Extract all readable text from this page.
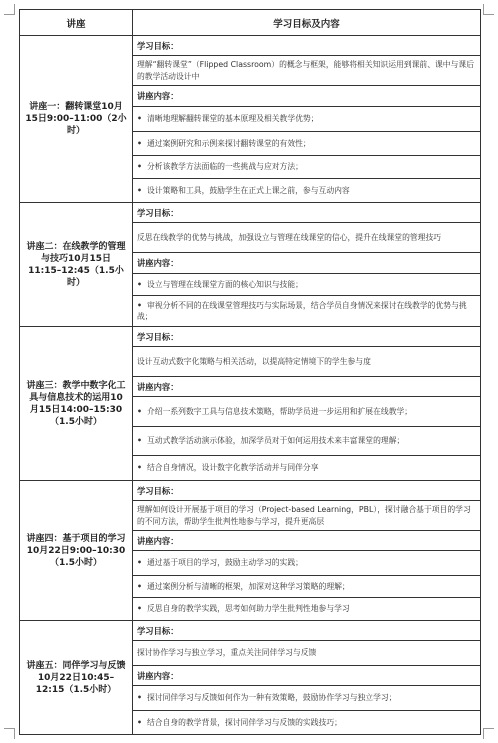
讲座	学习目标及内容
讲座一：翻转课堂10月15日9:00–11:00（2小时）	学习目标：
	理解“翻转课堂”（Flipped Classroom）的概念与框架，能够将相关知识运用到课前、课中与课后的教学活动设计中
	讲座内容：
	• 清晰地理解翻转课堂的基本原理及相关教学优势；
	• 通过案例研究和示例来探讨翻转课堂的有效性；
	• 分析该教学方法面临的一些挑战与应对方法；
	• 设计策略和工具，鼓励学生在正式上课之前，参与互动内容
讲座二：在线教学的管理与技巧10月15日11:15–12:45（1.5小时）	学习目标：
	反思在线教学的优势与挑战，加强设立与管理在线课堂的信心，提升在线课堂的管理技巧
	讲座内容：
	• 设立与管理在线课堂方面的核心知识与技能；
	• 审视分析不同的在线课堂管理技巧与实际场景，结合学员自身情况来探讨在线教学的优势与挑战；
讲座三：教学中数字化工具与信息技术的运用10月15日14:00–15:30（1.5小时）	学习目标：
	设计互动式数字化策略与相关活动，以提高特定情境下的学生参与度
	讲座内容：
	• 介绍一系列数字工具与信息技术策略，帮助学员进一步运用和扩展在线教学；
	• 互动式教学活动演示体验，加深学员对于如何运用技术来丰富课堂的理解；
	• 结合自身情况，设计数字化教学活动并与同伴分享
讲座四：基于项目的学习10月22日9:00–10:30（1.5小时）	学习目标：
	理解如何设计开展基于项目的学习（Project-based Learning，PBL），探讨融合基于项目的学习的不同方法，帮助学生批判性地参与学习，提升更高层
	讲座内容：
	• 通过基于项目的学习，鼓励主动学习的实践；
	• 通过案例分析与清晰的框架，加深对这种学习策略的理解；
	• 反思自身的教学实践，思考如何助力学生批判性地参与学习
讲座五：同伴学习与反馈10月22日10:45–12:15（1.5小时）	学习目标：
	探讨协作学习与独立学习，重点关注同伴学习与反馈
	讲座内容：
	• 探讨同伴学习与反馈如何作为一种有效策略，鼓励协作学习与独立学习；
	• 结合自身的教学背景，探讨同伴学习与反馈的实践技巧；
